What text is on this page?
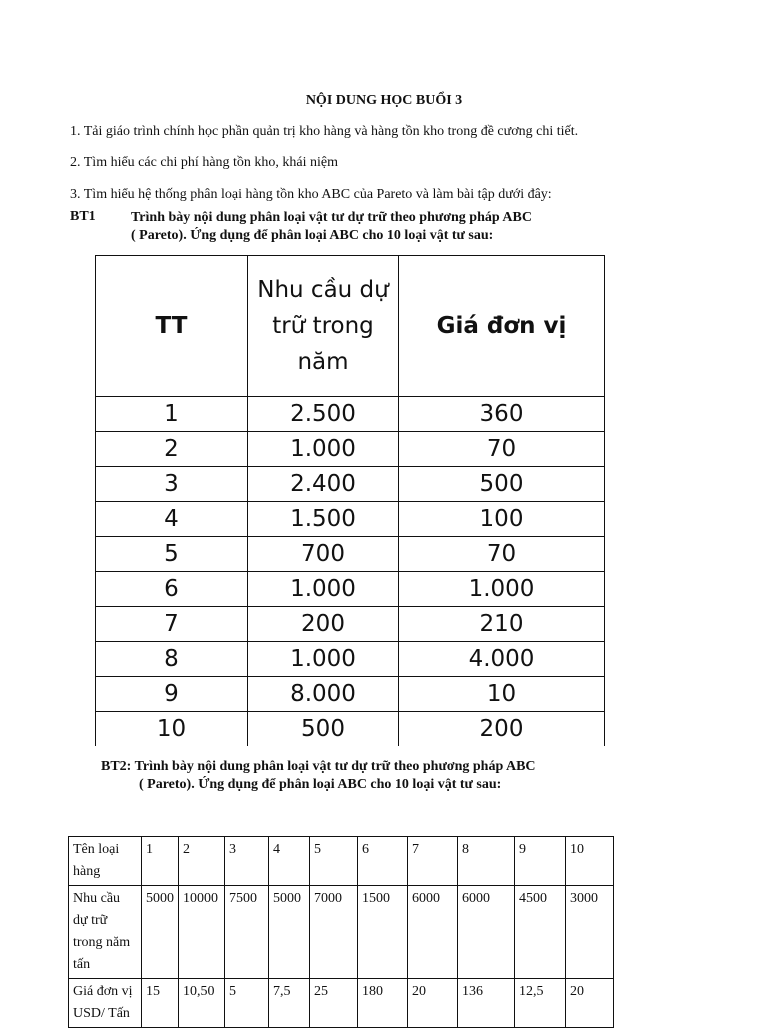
NỘI DUNG HỌC BUỔI 3
1. Tải giáo trình chính học phần quản trị kho hàng và hàng tồn kho trong đề cương chi tiết.
2. Tìm hiểu các chi phí hàng tồn kho, khái niệm
3. Tìm hiểu hệ thống phân loại hàng tồn kho ABC của Pareto và làm bài tập dưới đây:
BT1	Trình bày nội dung phân loại vật tư dự trữ theo phương pháp ABC
( Pareto). Ứng dụng để phân loại ABC cho 10 loại vật tư sau:
TT	Nhu cầu dự trữ trong năm	Giá đơn vị
1	2.500	360
2	1.000	70
3	2.400	500
4	1.500	100
5	700	70
6	1.000	1.000
7	200	210
8	1.000	4.000
9	8.000	10
10	500	200
BT2: Trình bày nội dung phân loại vật tư dự trữ theo phương pháp ABC
( Pareto). Ứng dụng để phân loại ABC cho 10 loại vật tư sau:
Tên loại hàng	1	2	3	4	5	6	7	8	9	10
Nhu cầu dự trữ trong năm tấn	5000	10000	7500	5000	7000	1500	6000	6000	4500	3000
Giá đơn vị USD/ Tấn	15	10,50	5	7,5	25	180	20	136	12,5	20
